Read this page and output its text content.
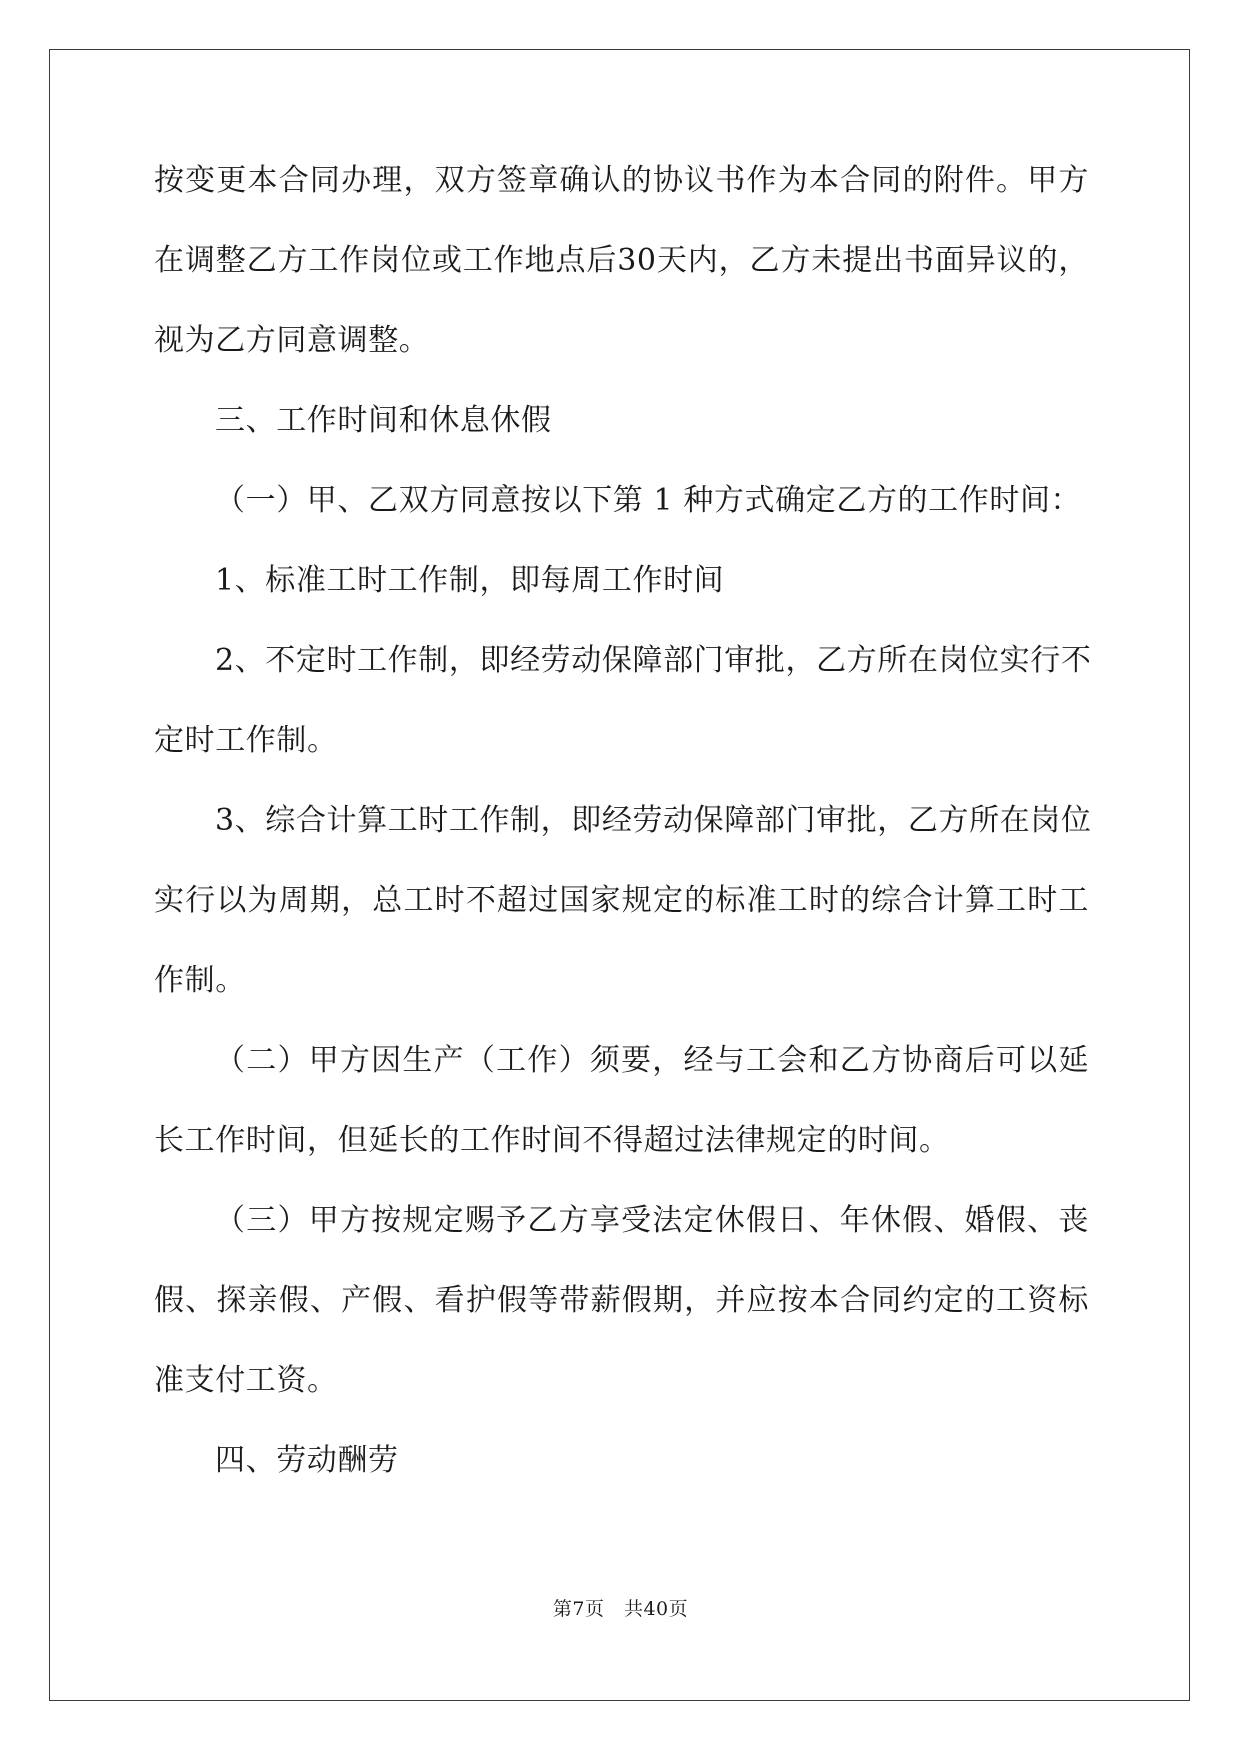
按变更本合同办理，双方签章确认的协议书作为本合同的附件。甲方
在调整乙方工作岗位或工作地点后30天内，乙方未提出书面异议的，
视为乙方同意调整。
三、工作时间和休息休假
（一）甲、乙双方同意按以下第 1 种方式确定乙方的工作时间：
1、标准工时工作制，即每周工作时间
2、不定时工作制，即经劳动保障部门审批，乙方所在岗位实行不
定时工作制。
3、综合计算工时工作制，即经劳动保障部门审批，乙方所在岗位
实行以为周期，总工时不超过国家规定的标准工时的综合计算工时工
作制。
（二）甲方因生产（工作）须要，经与工会和乙方协商后可以延
长工作时间，但延长的工作时间不得超过法律规定的时间。
（三）甲方按规定赐予乙方享受法定休假日、年休假、婚假、丧
假、探亲假、产假、看护假等带薪假期，并应按本合同约定的工资标
准支付工资。
四、劳动酬劳
第7页　共40页
